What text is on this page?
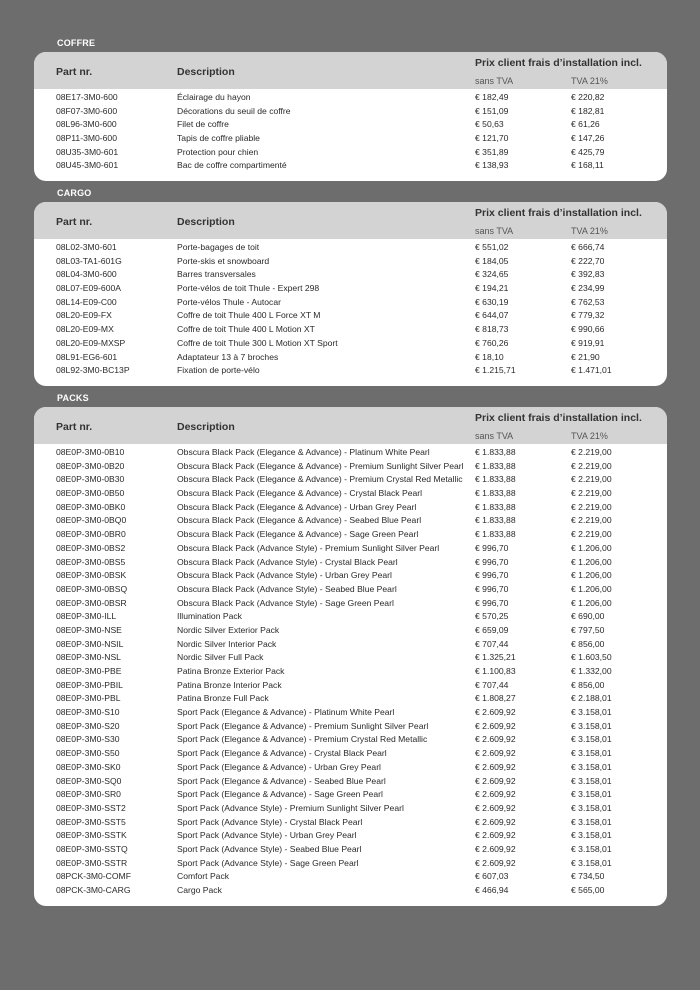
COFFRE
Part nr.	Description
Prix client frais d’installation incl.
sans TVA	TVA 21%
08E17-3M0-600	Éclairage du hayon	€ 182,49	€ 220,82
08F07-3M0-600	Décorations du seuil de coffre	€ 151,09	€ 182,81
08L96-3M0-600	Filet de coffre	€ 50,63	€ 61,26
08P11-3M0-600	Tapis de coffre pliable	€ 121,70	€ 147,26
08U35-3M0-601	Protection pour chien	€ 351,89	€ 425,79
08U45-3M0-601	Bac de coffre compartimenté	€ 138,93	€ 168,11
CARGO
Part nr.	Description
Prix client frais d’installation incl.
sans TVA	TVA 21%
08L02-3M0-601	Porte-bagages de toit	€ 551,02	€ 666,74
08L03-TA1-601G	Porte-skis et snowboard	€ 184,05	€ 222,70
08L04-3M0-600	Barres transversales	€ 324,65	€ 392,83
08L07-E09-600A	Porte-vélos de toit Thule - Expert 298	€ 194,21	€ 234,99
08L14-E09-C00	Porte-vélos Thule - Autocar	€ 630,19	€ 762,53
08L20-E09-FX	Coffre de toit Thule 400 L Force XT M	€ 644,07	€ 779,32
08L20-E09-MX	Coffre de toit Thule 400 L Motion XT	€ 818,73	€ 990,66
08L20-E09-MXSP	Coffre de toit Thule 300 L Motion XT Sport	€ 760,26	€ 919,91
08L91-EG6-601	Adaptateur 13 à 7 broches	€ 18,10	€ 21,90
08L92-3M0-BC13P	Fixation de porte-vélo	€ 1.215,71	€ 1.471,01
PACKS
Part nr.	Description
Prix client frais d’installation incl.
sans TVA	TVA 21%
08E0P-3M0-0B10	Obscura Black Pack (Elegance & Advance) - Platinum White Pearl	€ 1.833,88	€ 2.219,00
08E0P-3M0-0B20	Obscura Black Pack (Elegance & Advance) - Premium Sunlight Silver Pearl € 1.833,88	€ 2.219,00
08E0P-3M0-0B30	Obscura Black Pack (Elegance & Advance) - Premium Crystal Red Metallic € 1.833,88	€ 2.219,00
08E0P-3M0-0B50	Obscura Black Pack (Elegance & Advance) - Crystal Black Pearl	€ 1.833,88	€ 2.219,00
08E0P-3M0-0BK0	Obscura Black Pack (Elegance & Advance) - Urban Grey Pearl	€ 1.833,88	€ 2.219,00
08E0P-3M0-0BQ0	Obscura Black Pack (Elegance & Advance) - Seabed Blue Pearl	€ 1.833,88	€ 2.219,00
08E0P-3M0-0BR0	Obscura Black Pack (Elegance & Advance) - Sage Green Pearl	€ 1.833,88	€ 2.219,00
08E0P-3M0-0BS2	Obscura Black Pack (Advance Style) - Premium Sunlight Silver Pearl	€ 996,70	€ 1.206,00
08E0P-3M0-0BS5	Obscura Black Pack (Advance Style) - Crystal Black Pearl	€ 996,70	€ 1.206,00
08E0P-3M0-0BSK	Obscura Black Pack (Advance Style) - Urban Grey Pearl	€ 996,70	€ 1.206,00
08E0P-3M0-0BSQ	Obscura Black Pack (Advance Style) - Seabed Blue Pearl	€ 996,70	€ 1.206,00
08E0P-3M0-0BSR	Obscura Black Pack (Advance Style) - Sage Green Pearl	€ 996,70	€ 1.206,00
08E0P-3M0-ILL	Illumination Pack	€ 570,25	€ 690,00
08E0P-3M0-NSE	Nordic Silver Exterior Pack	€ 659,09	€ 797,50
08E0P-3M0-NSIL	Nordic Silver Interior Pack	€ 707,44	€ 856,00
08E0P-3M0-NSL	Nordic Silver Full Pack	€ 1.325,21	€ 1.603,50
08E0P-3M0-PBE	Patina Bronze Exterior Pack	€ 1.100,83	€ 1.332,00
08E0P-3M0-PBIL	Patina Bronze Interior Pack	€ 707,44	€ 856,00
08E0P-3M0-PBL	Patina Bronze Full Pack	€ 1.808,27	€ 2.188,01
08E0P-3M0-S10	Sport Pack (Elegance & Advance) - Platinum White Pearl	€ 2.609,92	€ 3.158,01
08E0P-3M0-S20	Sport Pack (Elegance & Advance) - Premium Sunlight Silver Pearl	€ 2.609,92	€ 3.158,01
08E0P-3M0-S30	Sport Pack (Elegance & Advance) - Premium Crystal Red Metallic	€ 2.609,92	€ 3.158,01
08E0P-3M0-S50	Sport Pack (Elegance & Advance) - Crystal Black Pearl	€ 2.609,92	€ 3.158,01
08E0P-3M0-SK0	Sport Pack (Elegance & Advance) - Urban Grey Pearl	€ 2.609,92	€ 3.158,01
08E0P-3M0-SQ0	Sport Pack (Elegance & Advance) - Seabed Blue Pearl	€ 2.609,92	€ 3.158,01
08E0P-3M0-SR0	Sport Pack (Elegance & Advance) - Sage Green Pearl	€ 2.609,92	€ 3.158,01
08E0P-3M0-SST2	Sport Pack (Advance Style) - Premium Sunlight Silver Pearl	€ 2.609,92	€ 3.158,01
08E0P-3M0-SST5	Sport Pack (Advance Style) - Crystal Black Pearl	€ 2.609,92	€ 3.158,01
08E0P-3M0-SSTK	Sport Pack (Advance Style) - Urban Grey Pearl	€ 2.609,92	€ 3.158,01
08E0P-3M0-SSTQ	Sport Pack (Advance Style) - Seabed Blue Pearl	€ 2.609,92	€ 3.158,01
08E0P-3M0-SSTR	Sport Pack (Advance Style) - Sage Green Pearl	€ 2.609,92	€ 3.158,01
08PCK-3M0-COMF	Comfort Pack	€ 607,03	€ 734,50
08PCK-3M0-CARG	Cargo Pack	€ 466,94	€ 565,00
